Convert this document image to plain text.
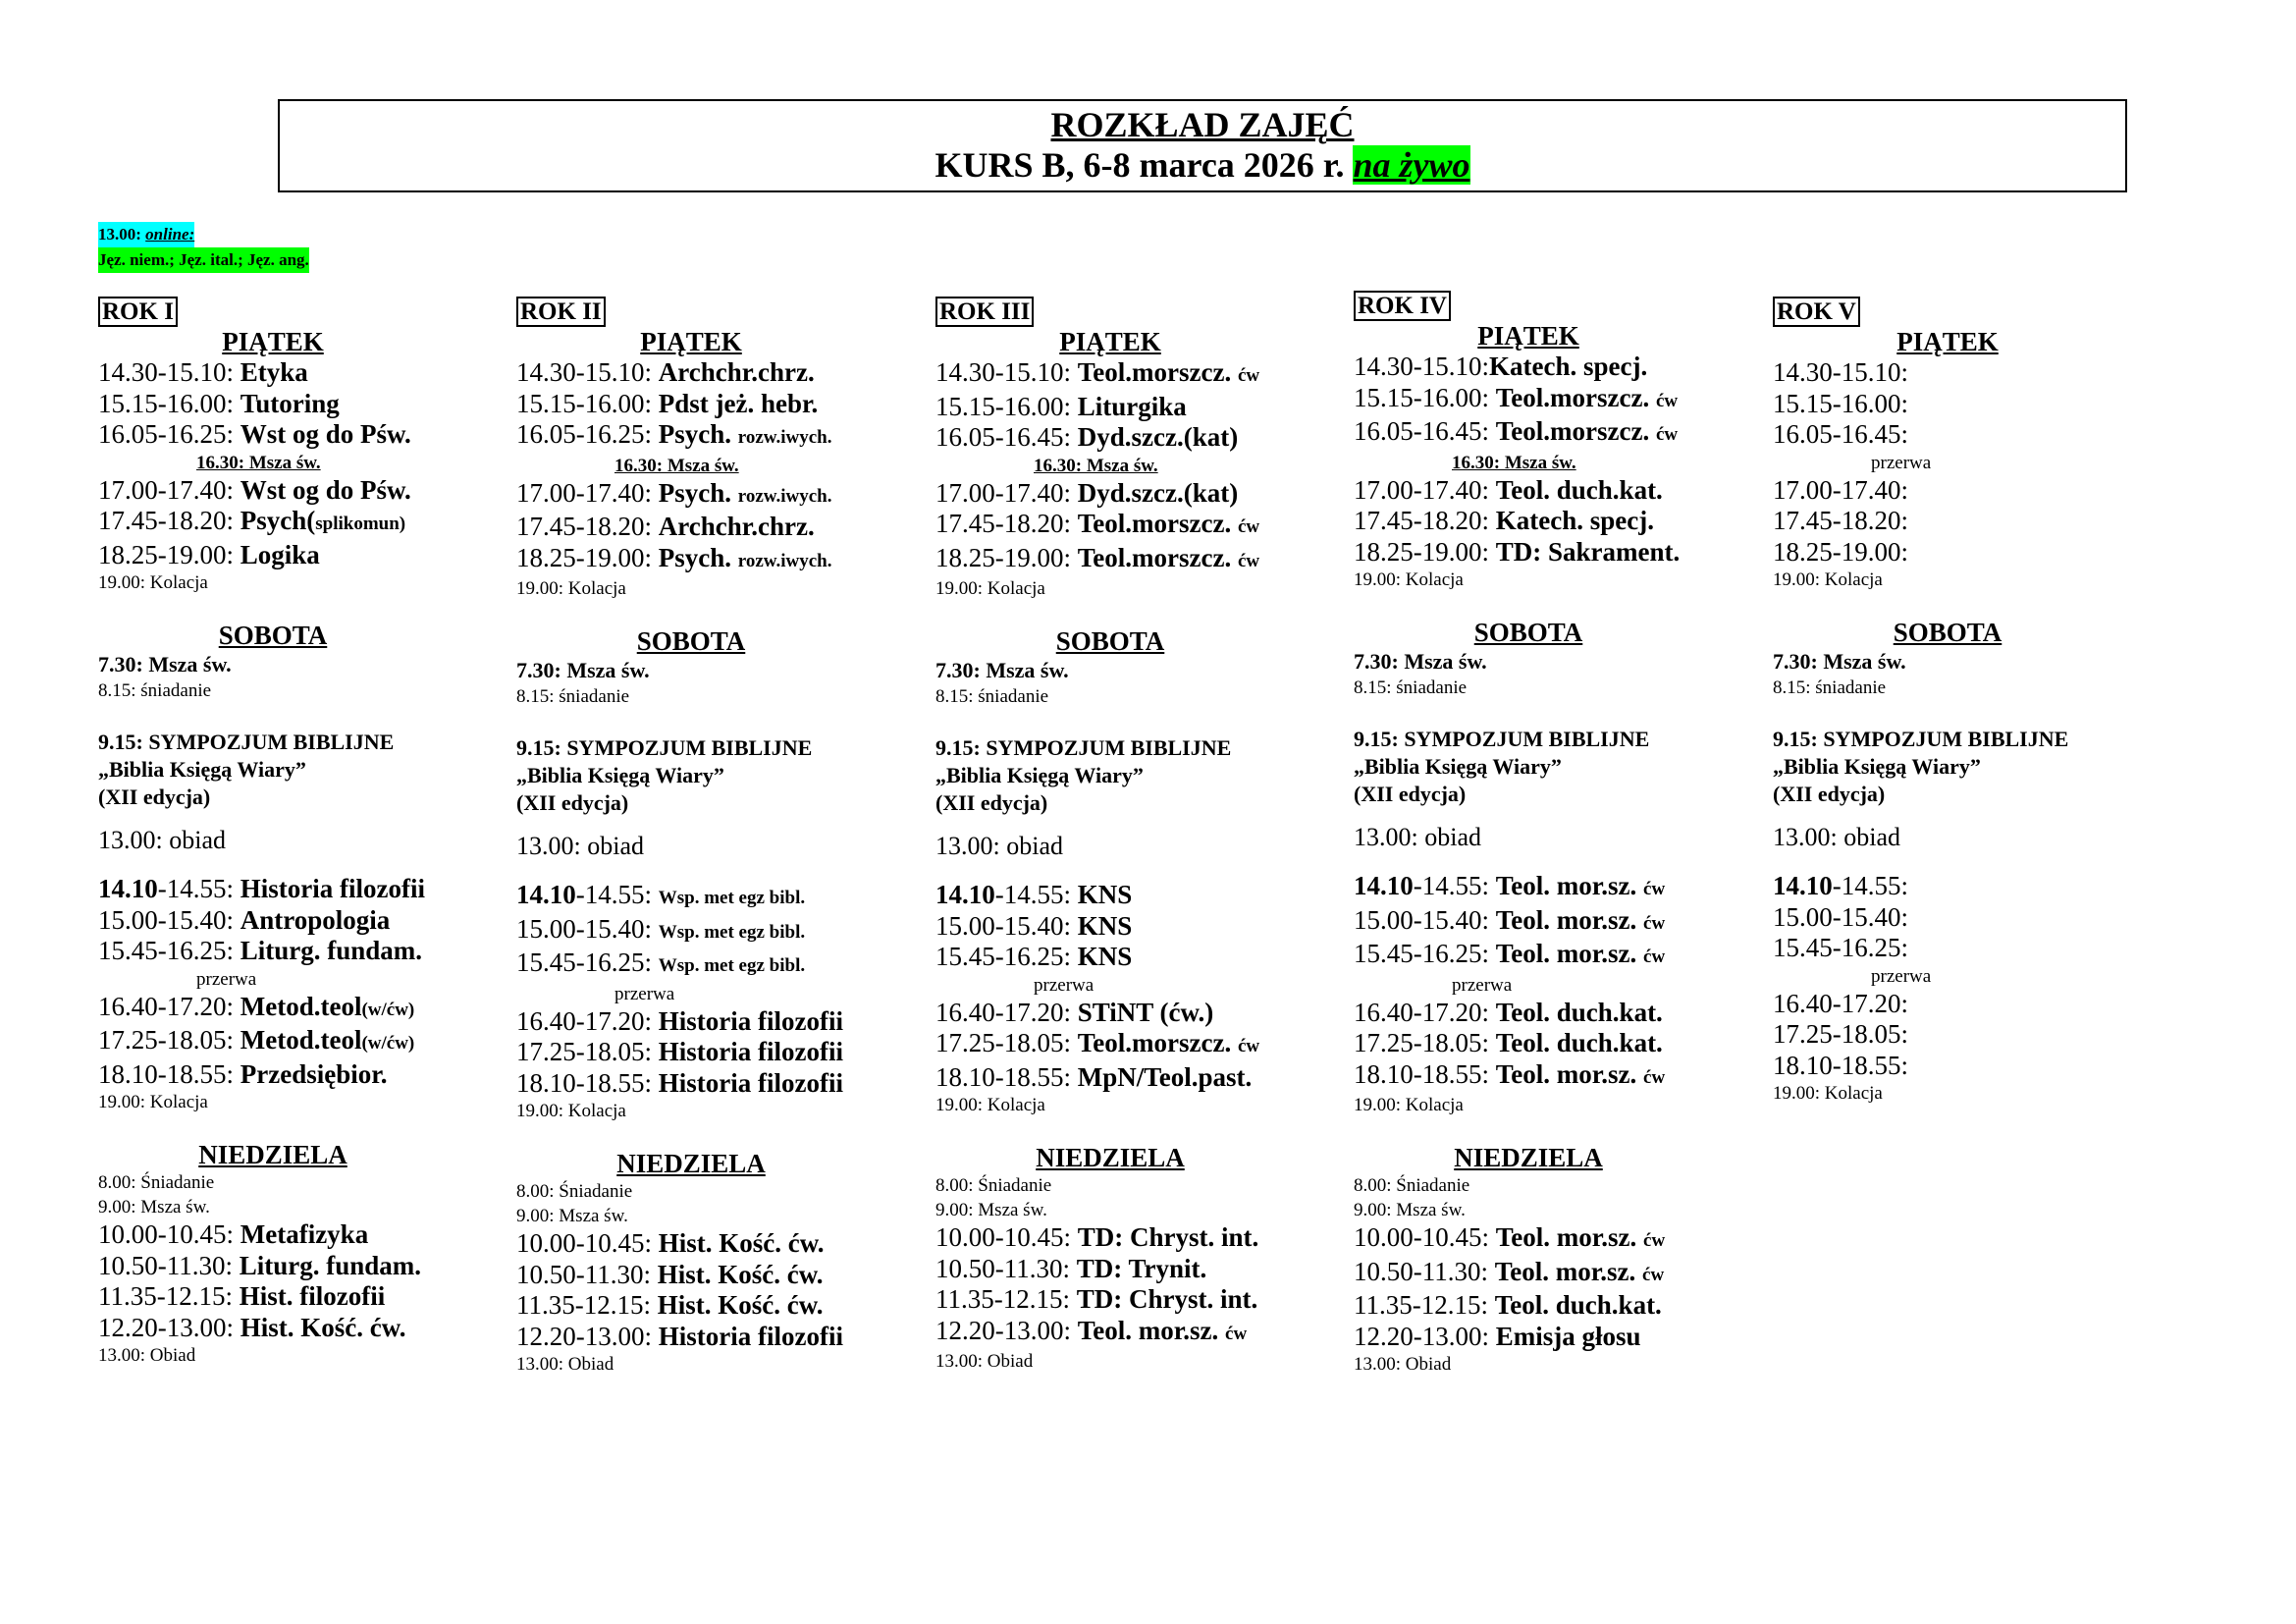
ROZKŁAD ZAJĘĆ
KURS B, 6-8 marca 2026 r. na żywo
13.00: online:
Jęz. niem.; Jęz. ital.; Jęz. ang.
ROK I
PIĄTEK
14.30-15.10: Etyka
15.15-16.00: Tutoring
16.05-16.25: Wst og do Pśw.
16.30: Msza św.
17.00-17.40: Wst og do Pśw.
17.45-18.20: Psych(splikomun)
18.25-19.00: Logika
19.00: Kolacja
SOBOTA
7.30: Msza św.
8.15: śniadanie
9.15: SYMPOZJUM BIBLIJNE
„Biblia Księgą Wiary”
(XII edycja)
13.00: obiad
14.10-14.55: Historia filozofii
15.00-15.40: Antropologia
15.45-16.25: Liturg. fundam.
przerwa
16.40-17.20: Metod.teol(w/ćw)
17.25-18.05: Metod.teol(w/ćw)
18.10-18.55: Przedsiębior.
19.00: Kolacja
NIEDZIELA
8.00: Śniadanie
9.00: Msza św.
10.00-10.45: Metafizyka
10.50-11.30: Liturg. fundam.
11.35-12.15: Hist. filozofii
12.20-13.00: Hist. Kość. ćw.
13.00: Obiad
ROK II
PIĄTEK
14.30-15.10: Archchr.chrz.
15.15-16.00: Pdst jeż. hebr.
16.05-16.25: Psych. rozw.iwych.
16.30: Msza św.
17.00-17.40: Psych. rozw.iwych.
17.45-18.20: Archchr.chrz.
18.25-19.00: Psych. rozw.iwych.
19.00: Kolacja
SOBOTA
7.30: Msza św.
8.15: śniadanie
9.15: SYMPOZJUM BIBLIJNE
„Biblia Księgą Wiary”
(XII edycja)
13.00: obiad
14.10-14.55: Wsp. met egz bibl.
15.00-15.40: Wsp. met egz bibl.
15.45-16.25: Wsp. met egz bibl.
przerwa
16.40-17.20: Historia filozofii
17.25-18.05: Historia filozofii
18.10-18.55: Historia filozofii
19.00: Kolacja
NIEDZIELA
8.00: Śniadanie
9.00: Msza św.
10.00-10.45: Hist. Kość. ćw.
10.50-11.30: Hist. Kość. ćw.
11.35-12.15: Hist. Kość. ćw.
12.20-13.00: Historia filozofii
13.00: Obiad
ROK III
PIĄTEK
14.30-15.10: Teol.morszcz. ćw
15.15-16.00: Liturgika
16.05-16.45: Dyd.szcz.(kat)
16.30: Msza św.
17.00-17.40: Dyd.szcz.(kat)
17.45-18.20: Teol.morszcz. ćw
18.25-19.00: Teol.morszcz. ćw
19.00: Kolacja
SOBOTA
7.30: Msza św.
8.15: śniadanie
9.15: SYMPOZJUM BIBLIJNE
„Biblia Księgą Wiary”
(XII edycja)
13.00: obiad
14.10-14.55: KNS
15.00-15.40: KNS
15.45-16.25: KNS
przerwa
16.40-17.20: STiNT (ćw.)
17.25-18.05: Teol.morszcz. ćw
18.10-18.55: MpN/Teol.past.
19.00: Kolacja
NIEDZIELA
8.00: Śniadanie
9.00: Msza św.
10.00-10.45: TD: Chryst. int.
10.50-11.30: TD: Trynit.
11.35-12.15: TD: Chryst. int.
12.20-13.00: Teol. mor.sz. ćw
13.00: Obiad
ROK IV
PIĄTEK
14.30-15.10:Katech. specj.
15.15-16.00: Teol.morszcz. ćw
16.05-16.45: Teol.morszcz. ćw
16.30: Msza św.
17.00-17.40: Teol. duch.kat.
17.45-18.20: Katech. specj.
18.25-19.00: TD: Sakrament.
19.00: Kolacja
SOBOTA
7.30: Msza św.
8.15: śniadanie
9.15: SYMPOZJUM BIBLIJNE
„Biblia Księgą Wiary”
(XII edycja)
13.00: obiad
14.10-14.55: Teol. mor.sz. ćw
15.00-15.40: Teol. mor.sz. ćw
15.45-16.25: Teol. mor.sz. ćw
przerwa
16.40-17.20: Teol. duch.kat.
17.25-18.05: Teol. duch.kat.
18.10-18.55: Teol. mor.sz. ćw
19.00: Kolacja
NIEDZIELA
8.00: Śniadanie
9.00: Msza św.
10.00-10.45: Teol. mor.sz. ćw
10.50-11.30: Teol. mor.sz. ćw
11.35-12.15: Teol. duch.kat.
12.20-13.00: Emisja głosu
13.00: Obiad
ROK V
PIĄTEK
14.30-15.10:
15.15-16.00:
16.05-16.45:
przerwa
17.00-17.40:
17.45-18.20:
18.25-19.00:
19.00: Kolacja
SOBOTA
7.30: Msza św.
8.15: śniadanie
9.15: SYMPOZJUM BIBLIJNE
„Biblia Księgą Wiary”
(XII edycja)
13.00: obiad
14.10-14.55:
15.00-15.40:
15.45-16.25:
przerwa
16.40-17.20:
17.25-18.05:
18.10-18.55:
19.00: Kolacja
